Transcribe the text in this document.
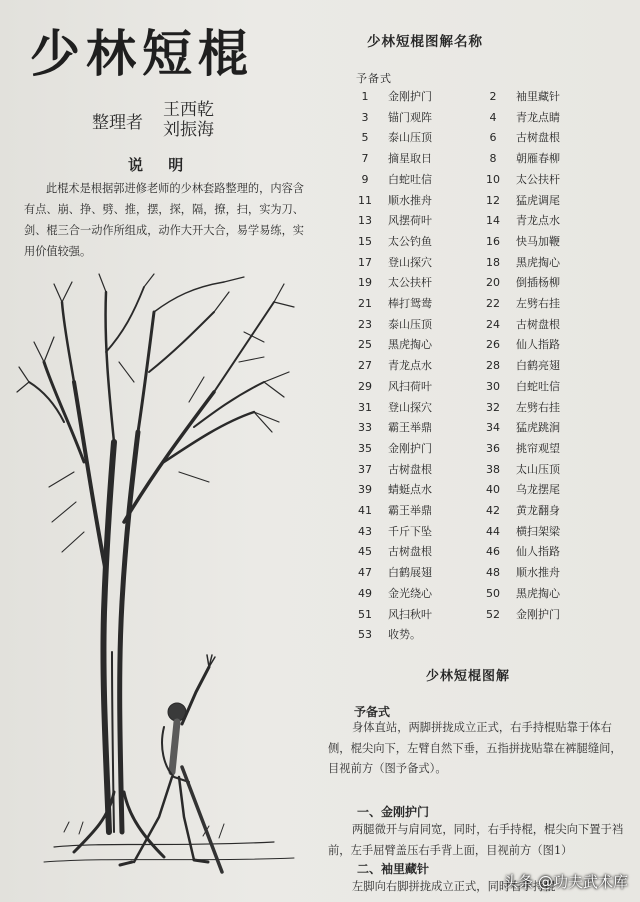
少林短棍
整理者
王西乾
刘振海
说 明
此棍术是根据郭进修老师的少林套路整理的，内容含有点、崩、挣、劈、推，摆，探，隔，撩，扫，实为刀、剑、棍三合一动作所组成，动作大开大合，易学易练，实用价值较强。
少林短棍图解名称
予备式
1 金刚护门	2 袖里藏针
3 锚门观阵	4 青龙点睛
5 泰山压顶	6 古树盘根
7 摘星取日	8 朝雁春柳
9 白蛇吐信	10 太公扶杆
11 顺水推舟	12 猛虎调尾
13 风摆荷叶	14 青龙点水
15 太公钓鱼	16 快马加鞭
17 登山探穴	18 黑虎掏心
19 太公扶杆	20 倒插杨柳
21 棒打鸳鸯	22 左劈右挂
23 泰山压顶	24 古树盘根
25 黑虎掏心	26 仙人指路
27 青龙点水	28 白鹤亮翅
29 风扫荷叶	30 白蛇吐信
31 登山探穴	32 左劈右挂
33 霸王举鼎	34 猛虎跳涧
35 金刚护门	36 挑帘观望
37 古树盘根	38 太山压顶
39 蜻蜓点水	40 乌龙摆尾
41 霸王举鼎	42 黄龙翻身
43 千斤下坠	44 横扫架梁
45 古树盘根	46 仙人指路
47 白鹤展翅	48 顺水推舟
49 金光绕心	50 黑虎掏心
51 风扫秋叶	52 金刚护门
53 收势。
少林短棍图解
予备式
身体直站，两脚拼拢成立正式，右手持棍贴靠于体右侧，棍尖向下，左臂自然下垂，五指拼拢贴靠在裤腿缝间，目视前方（图予备式）。
一、金刚护门
两腿微开与肩同宽，同时，右手持棍，棍尖向下置于裆前，左手屈臂盖压右手背上面，目视前方（图1）
二、袖里藏针
左脚向右脚拼拢成立正式，同时右手持棍
头条 @功夫武术库
